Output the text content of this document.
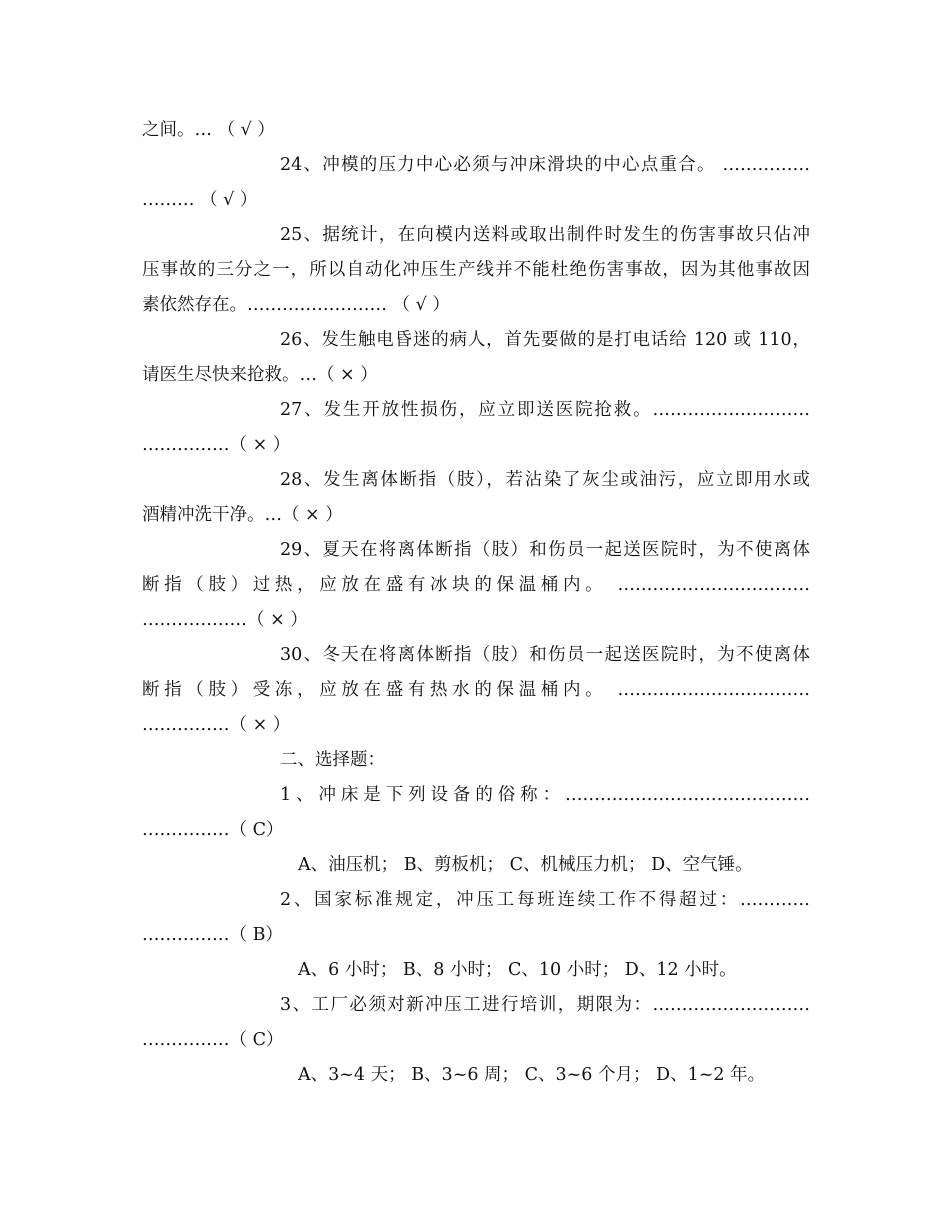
之间。… （ √ ）
24、冲模的压力中心必须与冲床滑块的中心点重合。 ……………
……… （ √ ）
25、据统计，在向模内送料或取出制件时发生的伤害事故只佔冲
压事故的三分之一，所以自动化冲压生产线并不能杜绝伤害事故，因为其他事故因
素依然存在。…………………… （ √ ）
26、发生触电昏迷的病人，首先要做的是打电话给 120 或 110，
请医生尽快来抢救。…（ × ）
27、发生开放性损伤，应立即送医院抢救。………………………
……………（ × ）
28、发生离体断指（肢），若沾染了灰尘或油污，应立即用水或
酒精冲洗干净。…（ × ）
29、夏天在将离体断指（肢）和伤员一起送医院时，为不使离体
断指（肢）过热，应放在盛有冰块的保温桶内。 ……………………………
………………（ × ）
30、冬天在将离体断指（肢）和伤员一起送医院时，为不使离体
断指（肢）受冻，应放在盛有热水的保温桶内。 ……………………………
……………（ × ）
二、选择题：
1、冲床是下列设备的俗称：……………………………………
……………（ C）
A、油压机； B、剪板机； C、机械压力机； D、空气锤。
2、国家标准规定，冲压工每班连续工作不得超过：…………
……………（ B）
A、6 小时； B、8 小时； C、10 小时； D、12 小时。
3、工厂必须对新冲压工进行培训，期限为：………………………
……………（ C）
A、3~4 天； B、3~6 周； C、3~6 个月； D、1~2 年。
